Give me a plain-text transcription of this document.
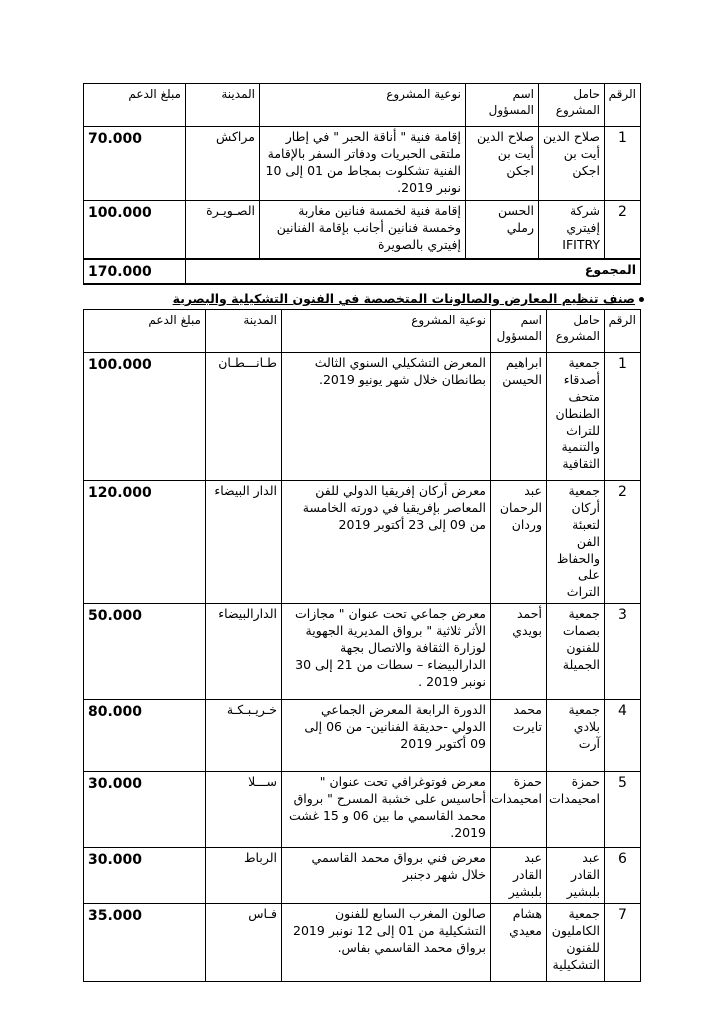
الرقم	حامل المشروع	اسم المسؤول	نوعية المشروع	المدينة	مبلغ الدعم
1	صلاح الدين أيت بن اجكن	صلاح الدين أيت بن اجكن	إقامة فنية " أناقة الحبر " في إطار ملتقى الحبريات ودفاتر السفر بالإقامة الفنية تشكلوت بمجاط من 01 إلى 10 نونبر 2019.	مراكش	70.000
2	شركة إفيتري IFITRY	الحسن رملي	إقامة فنية لخمسة فنانين مغاربة وخمسة فنانين أجانب بإقامة الفنانين إفيتري بالصويرة	الصـويـرة	100.000
المجموع					170.000
صنف تنظيم المعارض والصالونات المتخصصة في الفنون التشكيلية والبصرية
الرقم	حامل المشروع	اسم المسؤول	نوعية المشروع	المدينة	مبلغ الدعم
1	جمعية أصدقاء متحف الطنطان للتراث والتنمية الثقافية	ابراهيم الحيسن	المعرض التشكيلي السنوي الثالث بطانطان خلال شهر يونيو 2019.	طـانـــطـان	100.000
2	جمعية أركان لتعبئة الفن والحفاظ على التراث	عبد الرحمان وردان	معرض أركان إفريقيا الدولي للفن المعاصر بإفريقيا في دورته الخامسة من 09 إلى 23 أكتوبر 2019	الدار البيضاء	120.000
3	جمعية بصمات للفنون الجميلة	أحمد بويدي	معرض جماعي تحت عنوان " مجازات الأثر ثلاثية " برواق المديرية الجهوية لوزارة الثقافة والاتصال بجهة الدارالبيضاء – سطات من 21 إلى 30 نونبر 2019 .	الدارالبيضاء	50.000
4	جمعية بلادي آرت	محمد تايرت	الدورة الرابعة المعرض الجماعي الدولي -حديقة الفنانين- من 06 إلى 09 أكتوبر 2019	خـريـبـكـة	80.000
5	حمزة امحيمدات	حمزة امحيمدات	معرض فوتوغرافي تحت عنوان " أحاسيس على خشبة المسرح " برواق محمد القاسمي ما بين 06 و 15 غشت 2019.	ســـلا	30.000
6	عبد القادر بلبشير	عبد القادر بلبشير	معرض فني برواق محمد القاسمي خلال شهر دجنبر	الرباط	30.000
7	جمعية الكامليون للفنون التشكيلية	هشام معيدي	صالون المغرب السابع للفنون التشكيلية من 01 إلى 12 نونبر 2019 برواق محمد القاسمي بفاس.	فـاس	35.000
